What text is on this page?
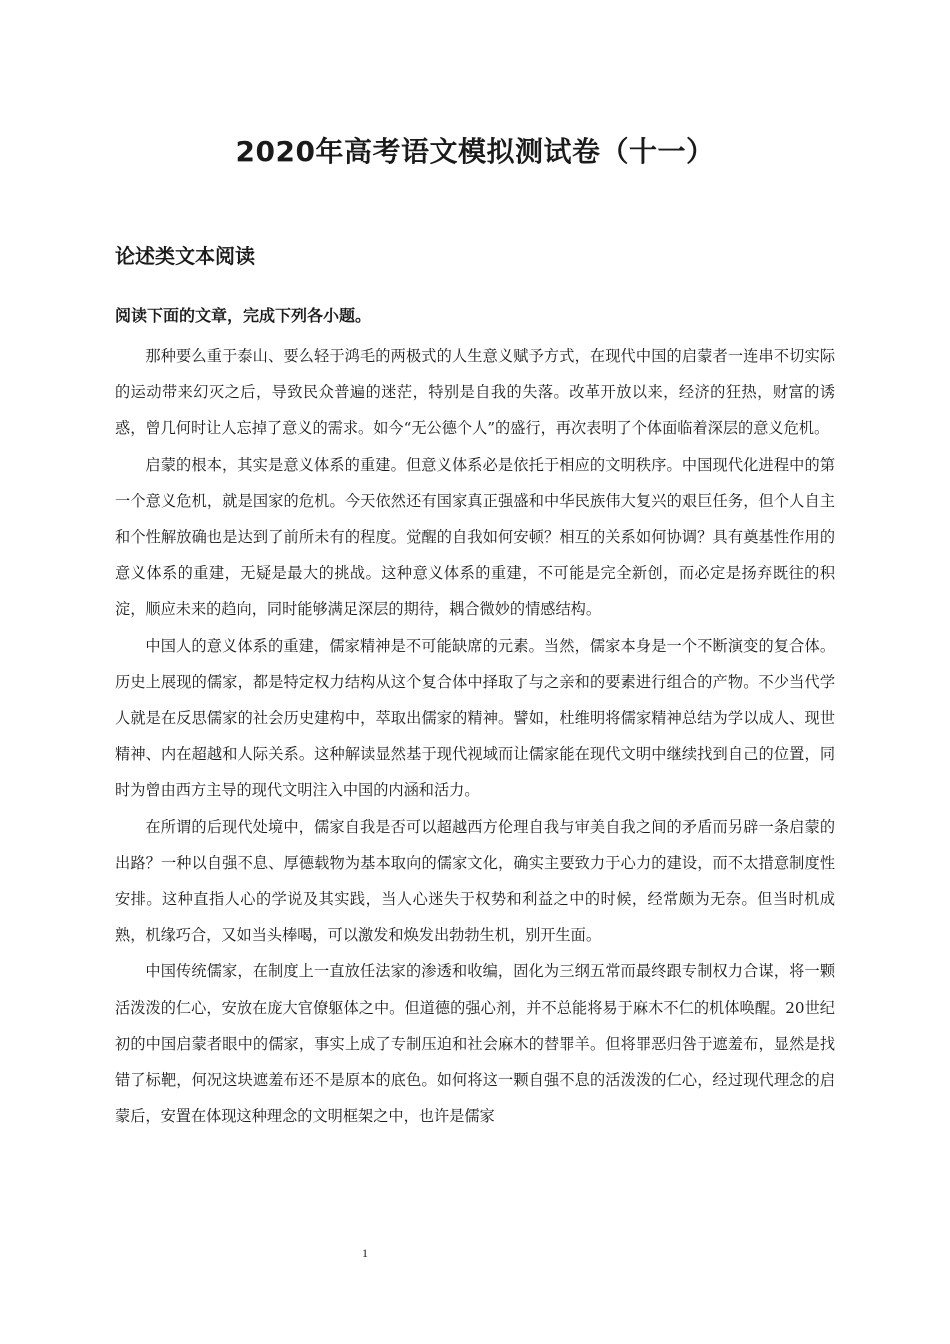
2020年高考语文模拟测试卷（十一）
论述类文本阅读
阅读下面的文章，完成下列各小题。

那种要么重于泰山、要么轻于鸿毛的两极式的人生意义赋予方式，在现代中国的启蒙者一连串不切实际的运动带来幻灭之后，导致民众普遍的迷茫，特别是自我的失落。改革开放以来，经济的狂热，财富的诱惑，曾几何时让人忘掉了意义的需求。如今“无公德个人”的盛行，再次表明了个体面临着深层的意义危机。

启蒙的根本，其实是意义体系的重建。但意义体系必是依托于相应的文明秩序。中国现代化进程中的第一个意义危机，就是国家的危机。今天依然还有国家真正强盛和中华民族伟大复兴的艰巨任务，但个人自主和个性解放确也是达到了前所未有的程度。觉醒的自我如何安顿？相互的关系如何协调？具有奠基性作用的意义体系的重建，无疑是最大的挑战。这种意义体系的重建，不可能是完全新创，而必定是扬弃既往的积淀，顺应未来的趋向，同时能够满足深层的期待，耦合微妙的情感结构。

中国人的意义体系的重建，儒家精神是不可能缺席的元素。当然，儒家本身是一个不断演变的复合体。历史上展现的儒家，都是特定权力结构从这个复合体中择取了与之亲和的要素进行组合的产物。不少当代学人就是在反思儒家的社会历史建构中，萃取出儒家的精神。譬如，杜维明将儒家精神总结为学以成人、现世精神、内在超越和人际关系。这种解读显然基于现代视域而让儒家能在现代文明中继续找到自己的位置，同时为曾由西方主导的现代文明注入中国的内涵和活力。

在所谓的后现代处境中，儒家自我是否可以超越西方伦理自我与审美自我之间的矛盾而另辟一条启蒙的出路？一种以自强不息、厚德载物为基本取向的儒家文化，确实主要致力于心力的建设，而不太措意制度性安排。这种直指人心的学说及其实践，当人心迷失于权势和利益之中的时候，经常颇为无奈。但当时机成熟，机缘巧合，又如当头棒喝，可以激发和焕发出勃勃生机，别开生面。

中国传统儒家，在制度上一直放任法家的渗透和收编，固化为三纲五常而最终跟专制权力合谋，将一颗活泼泼的仁心，安放在庞大官僚躯体之中。但道德的强心剂，并不总能将易于麻木不仁的机体唤醒。20世纪初的中国启蒙者眼中的儒家，事实上成了专制压迫和社会麻木的替罪羊。但将罪恶归咎于遮羞布，显然是找错了标靶，何况这块遮羞布还不是原本的底色。如何将这一颗自强不息的活泼泼的仁心，经过现代理念的启蒙后，安置在体现这种理念的文明框架之中，也许是儒家

1
